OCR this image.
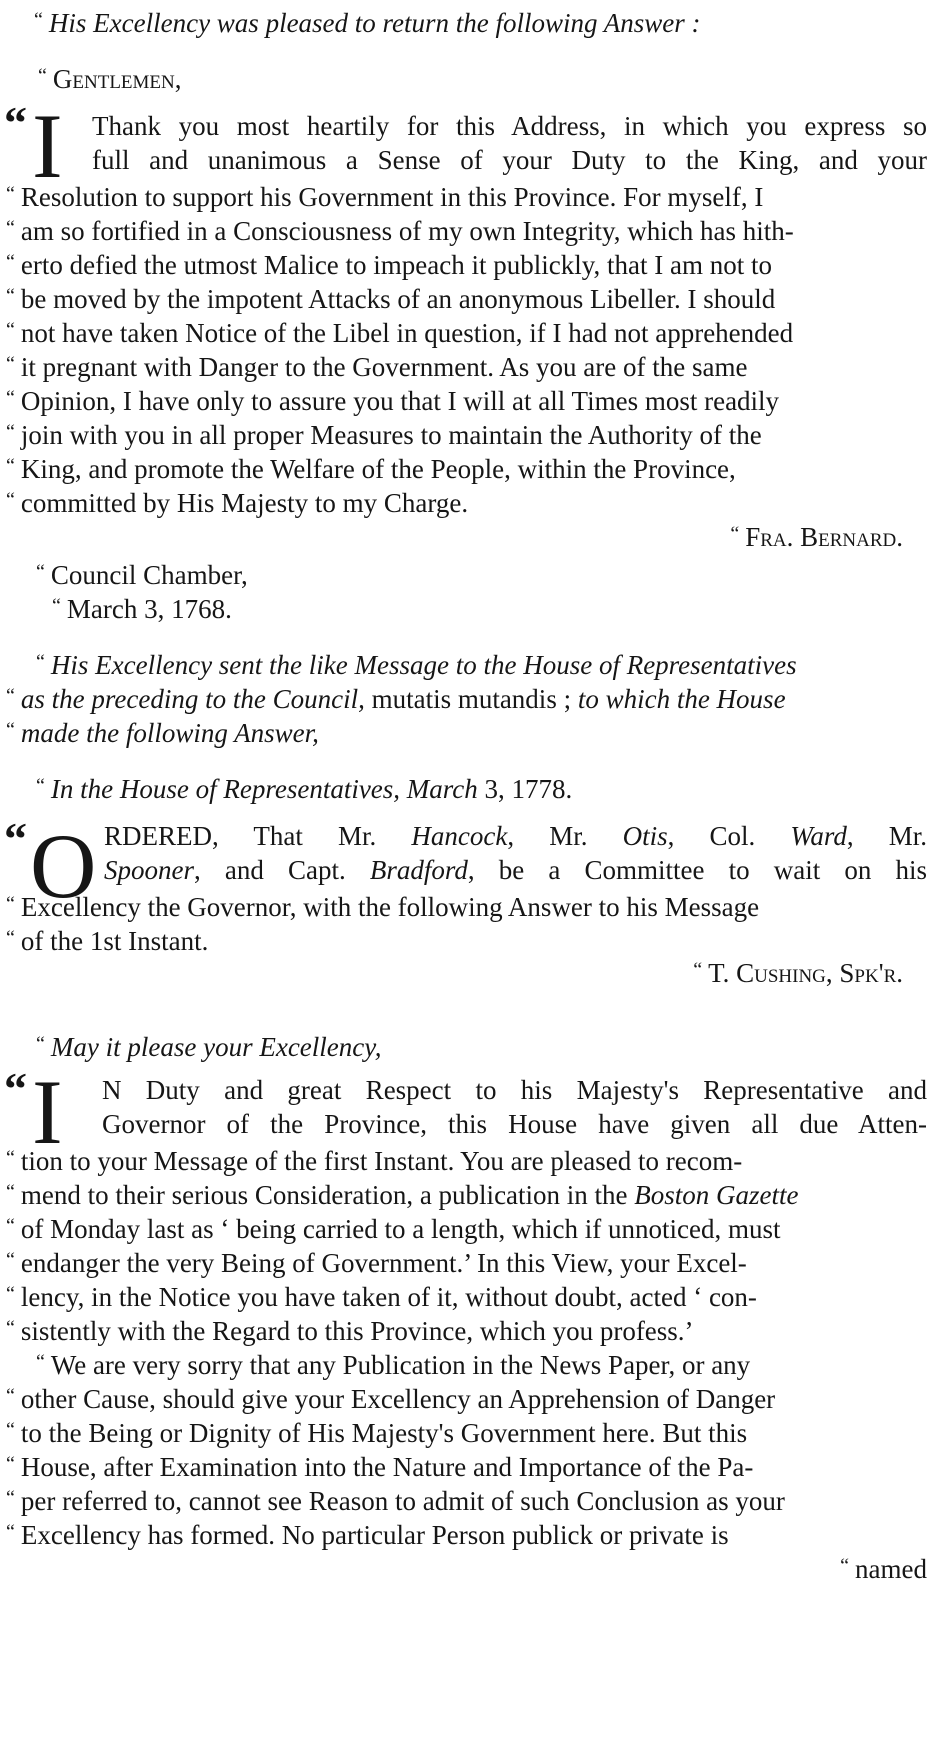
“ His Excellency was pleased to return the following Answer :
“ Gentlemen,
“ I Thank you most heartily for this Address, in which you express so
full and unanimous a Sense of your Duty to the King, and your
“ Resolution to support his Government in this Province. For myself, I
“ am so fortified in a Consciousness of my own Integrity, which has hith-
“ erto defied the utmost Malice to impeach it publickly, that I am not to
“ be moved by the impotent Attacks of an anonymous Libeller. I should
“ not have taken Notice of the Libel in question, if I had not apprehended
“ it pregnant with Danger to the Government. As you are of the same
“ Opinion, I have only to assure you that I will at all Times most readily
“ join with you in all proper Measures to maintain the Authority of the
“ King, and promote the Welfare of the People, within the Province,
“ committed by His Majesty to my Charge.
“ Fra. Bernard.
“ Council Chamber,
“ March 3, 1768.
“ His Excellency sent the like Message to the House of Representatives
“ as the preceding to the Council, mutatis mutandis ; to which the House
“ made the following Answer,
“ In the House of Representatives, March 3, 1778.
“ O RDERED, That Mr. Hancock, Mr. Otis, Col. Ward, Mr.
Spooner, and Capt. Bradford, be a Committee to wait on his
“ Excellency the Governor, with the following Answer to his Message
“ of the 1st Instant.
“ T. Cushing, Spk'r.
“ May it please your Excellency,
“ I N Duty and great Respect to his Majesty's Representative and
Governor of the Province, this House have given all due Atten-
“ tion to your Message of the first Instant. You are pleased to recom-
“ mend to their serious Consideration, a publication in the Boston Gazette
“ of Monday last as ‘ being carried to a length, which if unnoticed, must
“ endanger the very Being of Government.’ In this View, your Excel-
“ lency, in the Notice you have taken of it, without doubt, acted ‘ con-
“ sistently with the Regard to this Province, which you profess.’
“ We are very sorry that any Publication in the News Paper, or any
“ other Cause, should give your Excellency an Apprehension of Danger
“ to the Being or Dignity of His Majesty's Government here. But this
“ House, after Examination into the Nature and Importance of the Pa-
“ per referred to, cannot see Reason to admit of such Conclusion as your
“ Excellency has formed. No particular Person publick or private is
“ named
